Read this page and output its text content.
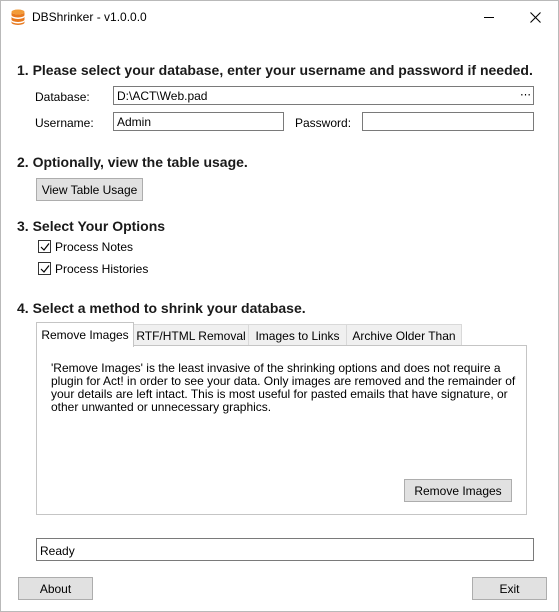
DBShrinker - v1.0.0.0
1. Please select your database, enter your username and password if needed.
Database:	D:\ACT\Web.pad	⋯
Username:	Admin	Password:
2. Optionally, view the table usage.
View Table Usage
3. Select Your Options
Process Notes
Process Histories
4. Select a method to shrink your database.
Remove Images RTF/HTML Removal Images to Links	Archive Older Than
'Remove Images' is the least invasive of the shrinking options and does not require a plugin for Act! in order to see your data. Only images are removed and the remainder of your details are left intact. This is most useful for pasted emails that have signature, or other unwanted or unnecessary graphics.
Remove Images
Ready
About	Exit
